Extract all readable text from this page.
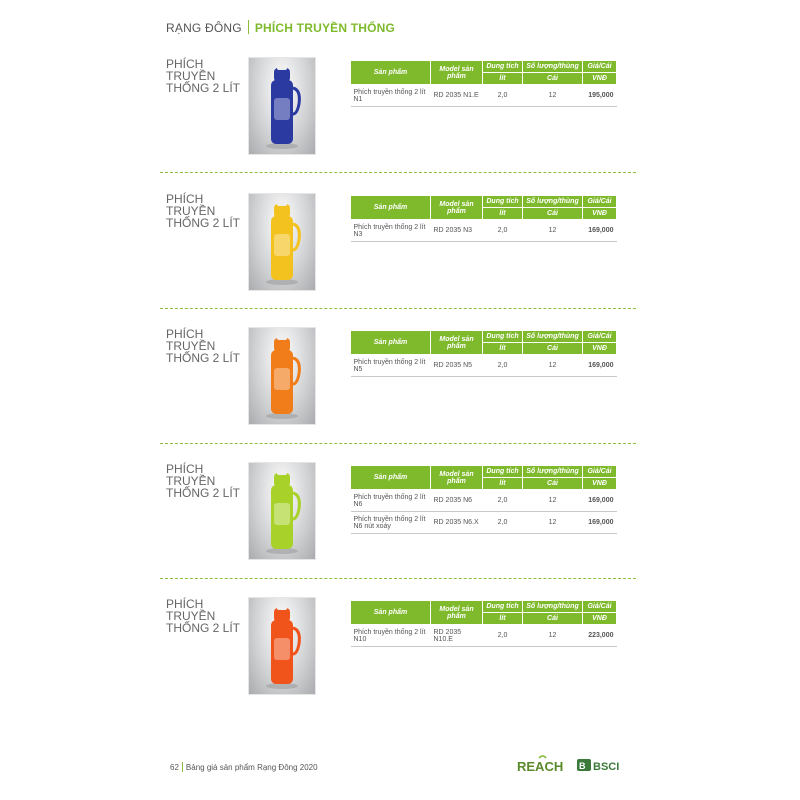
RẠNG ĐÔNG PHÍCH TRUYỀN THỐNG
PHÍCH TRUYỀN THỐNG 2 LÍT
Sản phẩm	Model sản phẩm	Dung tích	Số lượng/thùng	Giá/Cái
		lít	Cái	VNĐ
Phích truyền thống 2 lít N1	RD 2035 N1.E	2,0	12	195,000
PHÍCH TRUYỀN THỐNG 2 LÍT
Sản phẩm	Model sản phẩm	Dung tích	Số lượng/thùng	Giá/Cái
		lít	Cái	VNĐ
Phích truyền thống 2 lít N3	RD 2035 N3	2,0	12	169,000
PHÍCH TRUYỀN THỐNG 2 LÍT
Sản phẩm	Model sản phẩm	Dung tích	Số lượng/thùng	Giá/Cái
		lít	Cái	VNĐ
Phích truyền thống 2 lít N5	RD 2035 N5	2,0	12	169,000
PHÍCH TRUYỀN THỐNG 2 LÍT
Sản phẩm	Model sản phẩm	Dung tích	Số lượng/thùng	Giá/Cái
		lít	Cái	VNĐ
Phích truyền thống 2 lít N6	RD 2035 N6	2,0	12	169,000
Phích truyền thống 2 lít N6 nút xoáy	RD 2035 N6.X	2,0	12	169,000
PHÍCH TRUYỀN THỐNG 2 LÍT
Sản phẩm	Model sản phẩm	Dung tích	Số lượng/thùng	Giá/Cái
		lít	Cái	VNĐ
Phích truyền thống 2 lít N10	RD 2035 N10.E	2,0	12	223,000
62 Bảng giá sản phẩm Rạng Đông 2020	REACH B BSCI
